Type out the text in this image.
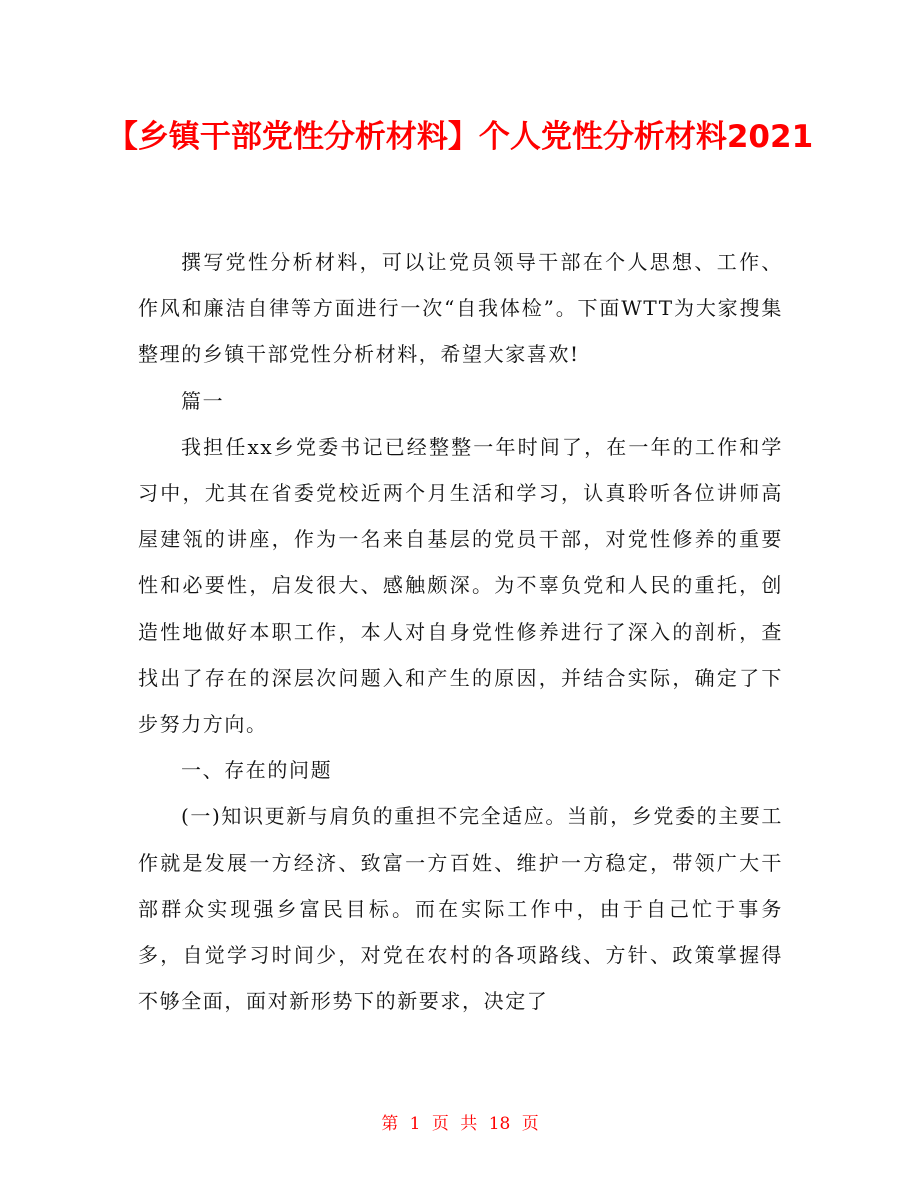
【乡镇干部党性分析材料】个人党性分析材料2021

撰写党性分析材料，可以让党员领导干部在个人思想、工作、作风和廉洁自律等方面进行一次“自我体检”。下面WTT为大家搜集整理的乡镇干部党性分析材料，希望大家喜欢!

篇一

我担任xx乡党委书记已经整整一年时间了，在一年的工作和学习中，尤其在省委党校近两个月生活和学习，认真聆听各位讲师高屋建瓴的讲座，作为一名来自基层的党员干部，对党性修养的重要性和必要性，启发很大、感触颇深。为不辜负党和人民的重托，创造性地做好本职工作，本人对自身党性修养进行了深入的剖析，查找出了存在的深层次问题入和产生的原因，并结合实际，确定了下步努力方向。

一、存在的问题

(一)知识更新与肩负的重担不完全适应。当前，乡党委的主要工作就是发展一方经济、致富一方百姓、维护一方稳定，带领广大干部群众实现强乡富民目标。而在实际工作中，由于自己忙于事务多，自觉学习时间少，对党在农村的各项路线、方针、政策掌握得不够全面，面对新形势下的新要求，决定了

第 1 页 共 18 页
